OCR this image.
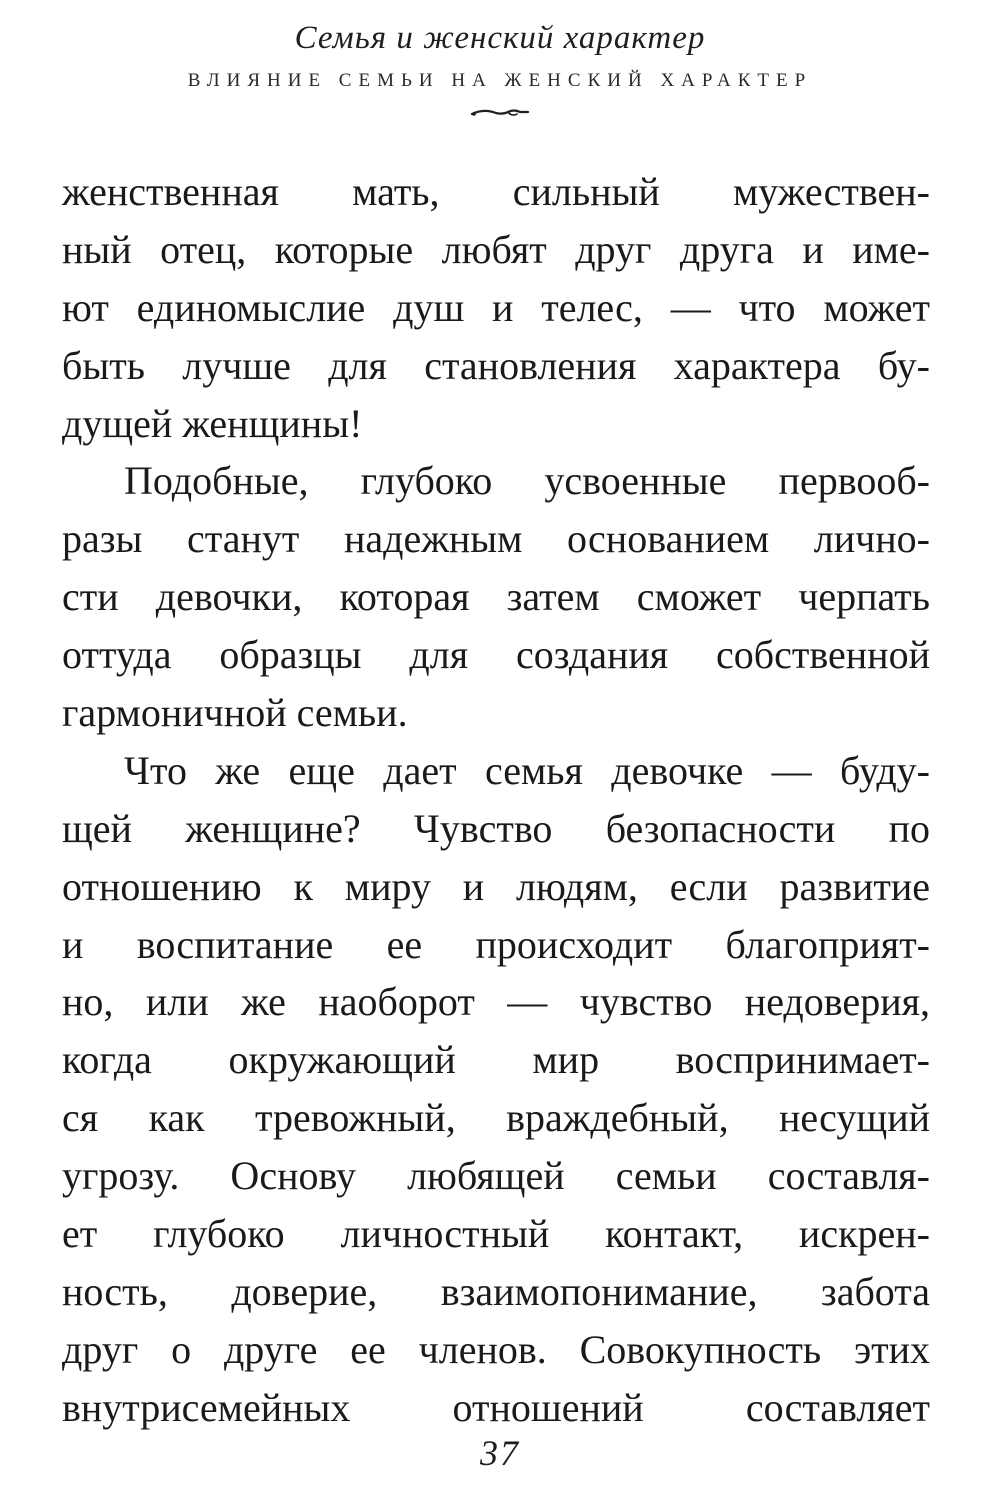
Семья и женский характер
ВЛИЯНИЕ СЕМЬИ НА ЖЕНСКИЙ ХАРАКТЕР
женственная мать, сильный мужествен-
ный отец, которые любят друг друга и име-
ют единомыслие душ и телес, — что может
быть лучше для становления характера бу-
дущей женщины!
Подобные, глубоко усвоенные первооб-
разы станут надежным основанием лично-
сти девочки, которая затем сможет черпать
оттуда образцы для создания собственной
гармоничной семьи.
Что же еще дает семья девочке — буду-
щей женщине? Чувство безопасности по
отношению к миру и людям, если развитие
и воспитание ее происходит благоприят-
но, или же наоборот — чувство недоверия,
когда окружающий мир воспринимает-
ся как тревожный, враждебный, несущий
угрозу. Основу любящей семьи составля-
ет глубоко личностный контакт, искрен-
ность, доверие, взаимопонимание, забота
друг о друге ее членов. Совокупность этих
внутрисемейных отношений составляет
37
